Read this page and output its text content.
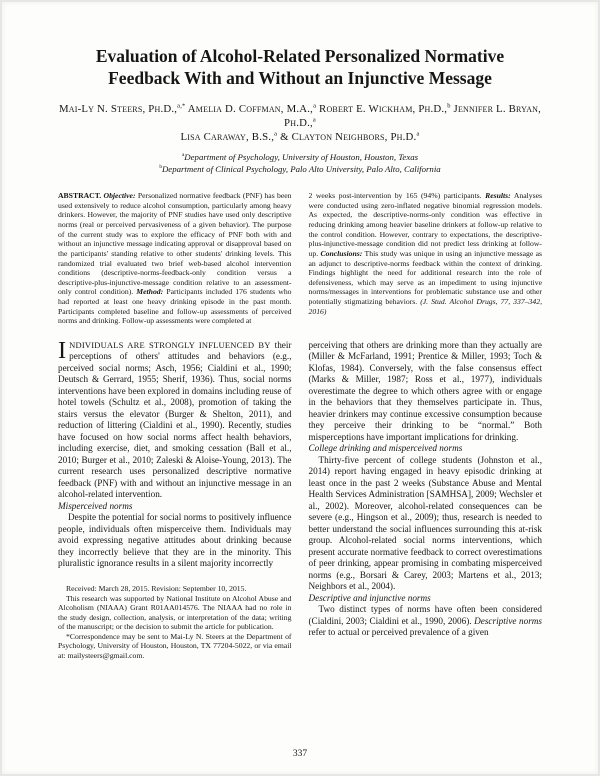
Evaluation of Alcohol-Related Personalized Normative Feedback With and Without an Injunctive Message
Mai-Ly N. Steers, Ph.D.,$^{a,*}$ Amelia D. Coffman, M.A.,$^a$ Robert E. Wickham, Ph.D.,$^b$ Jennifer L. Bryan, Ph.D.,$^a$
Lisa Caraway, B.S.,$^a$ & Clayton Neighbors, Ph.D.$^a$
$^a$Department of Psychology, University of Houston, Houston, Texas
$^b$Department of Clinical Psychology, Palo Alto University, Palo Alto, California

ABSTRACT. Objective: Personalized normative feedback (PNF) has been used extensively to reduce alcohol consumption, particularly among heavy drinkers. However, the majority of PNF studies have used only descriptive norms (real or perceived pervasiveness of a given behavior). The purpose of the current study was to explore the efficacy of PNF both with and without an injunctive message indicating approval or disapproval based on the participants' standing relative to other students' drinking levels. This randomized trial evaluated two brief web-based alcohol intervention conditions (descriptive-norms-feedback-only condition versus a descriptive-plus-injunctive-message condition relative to an assessment-only control condition). Method: Participants included 176 students who had reported at least one heavy drinking episode in the past month. Participants completed baseline and follow-up assessments of perceived norms and drinking. Follow-up assessments were completed at

2 weeks post-intervention by 165 (94%) participants. Results: Analyses were conducted using zero-inflated negative binomial regression models. As expected, the descriptive-norms-only condition was effective in reducing drinking among heavier baseline drinkers at follow-up relative to the control condition. However, contrary to expectations, the descriptive-plus-injunctive-message condition did not predict less drinking at follow-up. Conclusions: This study was unique in using an injunctive message as an adjunct to descriptive-norms feedback within the context of drinking. Findings highlight the need for additional research into the role of defensiveness, which may serve as an impediment to using injunctive norms/messages in interventions for problematic substance use and other potentially stigmatizing behaviors. (J. Stud. Alcohol Drugs, 77, 337–342, 2016)

INDIVIDUALS ARE STRONGLY INFLUENCED BY their perceptions of others' attitudes and behaviors (e.g., perceived social norms; Asch, 1956; Cialdini et al., 1990; Deutsch & Gerrard, 1955; Sherif, 1936). Thus, social norms interventions have been explored in domains including reuse of hotel towels (Schultz et al., 2008), promotion of taking the stairs versus the elevator (Burger & Shelton, 2011), and reduction of littering (Cialdini et al., 1990). Recently, studies have focused on how social norms affect health behaviors, including exercise, diet, and smoking cessation (Ball et al., 2010; Burger et al., 2010; Zaleski & Aloise-Young, 2013). The current research uses personalized descriptive normative feedback (PNF) with and without an injunctive message in an alcohol-related intervention.

Misperceived norms

Despite the potential for social norms to positively influence people, individuals often misperceive them. Individuals may avoid expressing negative attitudes about drinking because they incorrectly believe that they are in the minority. This pluralistic ignorance results in a silent majority incorrectly

Received: March 28, 2015. Revision: September 10, 2015.

This research was supported by National Institute on Alcohol Abuse and Alcoholism (NIAAA) Grant R01AA014576. The NIAAA had no role in the study design, collection, analysis, or interpretation of the data; writing of the manuscript; or the decision to submit the article for publication.

*Correspondence may be sent to Mai-Ly N. Steers at the Department of Psychology, University of Houston, Houston, TX 77204-5022, or via email at: mailysteers@gmail.com.

perceiving that others are drinking more than they actually are (Miller & McFarland, 1991; Prentice & Miller, 1993; Toch & Klofas, 1984). Conversely, with the false consensus effect (Marks & Miller, 1987; Ross et al., 1977), individuals overestimate the degree to which others agree with or engage in the behaviors that they themselves participate in. Thus, heavier drinkers may continue excessive consumption because they perceive their drinking to be “normal.” Both misperceptions have important implications for drinking.

College drinking and misperceived norms

Thirty-five percent of college students (Johnston et al., 2014) report having engaged in heavy episodic drinking at least once in the past 2 weeks (Substance Abuse and Mental Health Services Administration [SAMHSA], 2009; Wechsler et al., 2002). Moreover, alcohol-related consequences can be severe (e.g., Hingson et al., 2009); thus, research is needed to better understand the social influences surrounding this at-risk group. Alcohol-related social norms interventions, which present accurate normative feedback to correct overestimations of peer drinking, appear promising in combating misperceived norms (e.g., Borsari & Carey, 2003; Martens et al., 2013; Neighbors et al., 2004).

Descriptive and injunctive norms

Two distinct types of norms have often been considered (Cialdini, 2003; Cialdini et al., 1990, 2006). Descriptive norms refer to actual or perceived prevalence of a given

337
